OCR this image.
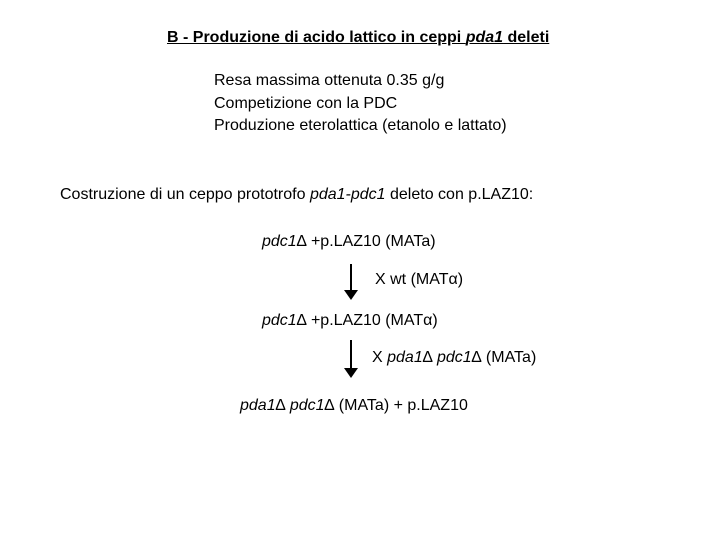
B - Produzione di acido lattico in ceppi pda1 deleti
Resa massima ottenuta 0.35 g/g
Competizione con la PDC
Produzione eterolattica (etanolo e lattato)
Costruzione di un ceppo prototrofo pda1-pdc1 deleto con p.LAZ10:
pdc1∆ +p.LAZ10 (MATa)
X wt (MATα)
pdc1∆ +p.LAZ10 (MATα)
X pda1∆ pdc1∆ (MATa)
pda1∆ pdc1∆ (MATa) + p.LAZ10
